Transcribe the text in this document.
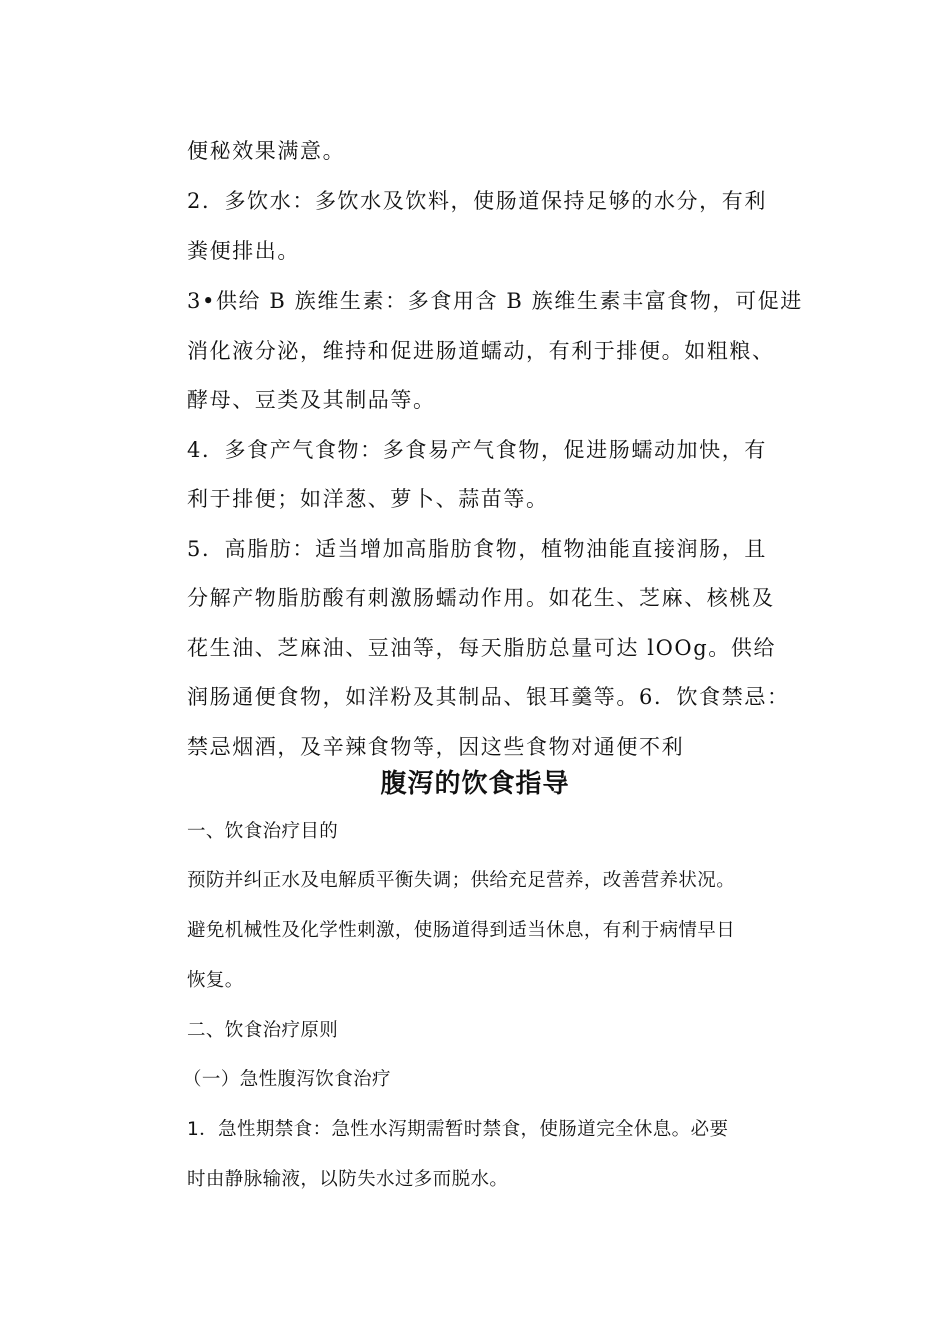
便秘效果满意。
2．多饮水：多饮水及饮料，使肠道保持足够的水分，有利
粪便排出。
3•供给 B 族维生素：多食用含 B 族维生素丰富食物，可促进
消化液分泌，维持和促进肠道蠕动，有利于排便。如粗粮、
酵母、豆类及其制品等。
4．多食产气食物：多食易产气食物，促进肠蠕动加快，有
利于排便；如洋葱、萝卜、蒜苗等。
5．高脂肪：适当增加高脂肪食物，植物油能直接润肠，且
分解产物脂肪酸有刺激肠蠕动作用。如花生、芝麻、核桃及
花生油、芝麻油、豆油等，每天脂肪总量可达 lOOg。供给
润肠通便食物，如洋粉及其制品、银耳羹等。6．饮食禁忌：
禁忌烟酒，及辛辣食物等，因这些食物对通便不利
腹泻的饮食指导
一、饮食治疗目的
预防并纠正水及电解质平衡失调；供给充足营养，改善营养状况。
避免机械性及化学性刺激，使肠道得到适当休息，有利于病情早日
恢复。
二、饮食治疗原则
（一）急性腹泻饮食治疗
1．急性期禁食：急性水泻期需暂时禁食，使肠道完全休息。必要
时由静脉输液，以防失水过多而脱水。
